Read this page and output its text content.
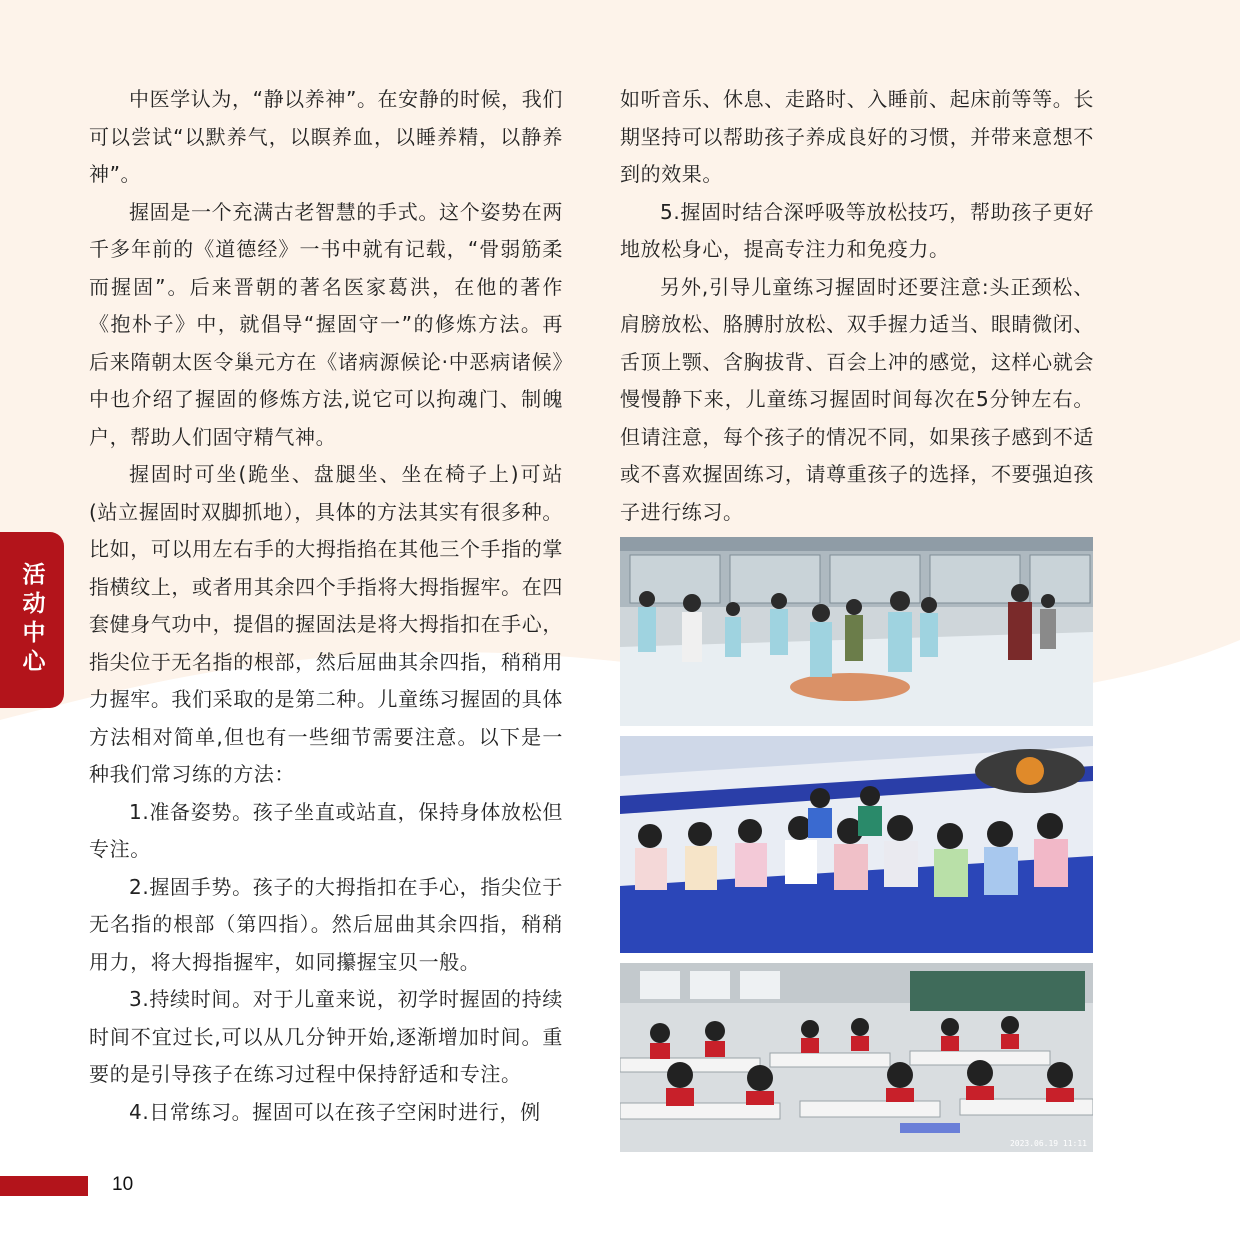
活动中心

中医学认为，“静以养神”。在安静的时候，我们可以尝试“以默养气，以瞑养血，以睡养精，以静养神”。

握固是一个充满古老智慧的手式。这个姿势在两千多年前的《道德经》一书中就有记载，“骨弱筋柔而握固”。后来晋朝的著名医家葛洪，在他的著作《抱朴子》中，就倡导“握固守一”的修炼方法。再后来隋朝太医令巢元方在《诸病源候论·中恶病诸候》中也介绍了握固的修炼方法,说它可以拘魂门、制魄户，帮助人们固守精气神。

握固时可坐(跪坐、盘腿坐、坐在椅子上)可站(站立握固时双脚抓地），具体的方法其实有很多种。比如，可以用左右手的大拇指掐在其他三个手指的掌指横纹上，或者用其余四个手指将大拇指握牢。在四套健身气功中，提倡的握固法是将大拇指扣在手心，指尖位于无名指的根部，然后屈曲其余四指，稍稍用力握牢。我们采取的是第二种。儿童练习握固的具体方法相对简单,但也有一些细节需要注意。以下是一种我们常习练的方法：

1.准备姿势。孩子坐直或站直，保持身体放松但专注。

2.握固手势。孩子的大拇指扣在手心，指尖位于无名指的根部（第四指）。然后屈曲其余四指，稍稍用力，将大拇指握牢，如同攥握宝贝一般。

3.持续时间。对于儿童来说，初学时握固的持续时间不宜过长,可以从几分钟开始,逐渐增加时间。重要的是引导孩子在练习过程中保持舒适和专注。

4.日常练习。握固可以在孩子空闲时进行，例

如听音乐、休息、走路时、入睡前、起床前等等。长期坚持可以帮助孩子养成良好的习惯，并带来意想不到的效果。

5.握固时结合深呼吸等放松技巧，帮助孩子更好地放松身心，提高专注力和免疫力。

另外,引导儿童练习握固时还要注意:头正颈松、肩膀放松、胳膊肘放松、双手握力适当、眼睛微闭、舌顶上颚、含胸拔背、百会上冲的感觉，这样心就会慢慢静下来，儿童练习握固时间每次在5分钟左右。但请注意，每个孩子的情况不同，如果孩子感到不适或不喜欢握固练习，请尊重孩子的选择，不要强迫孩子进行练习。

2023.06.19 11:11
10
